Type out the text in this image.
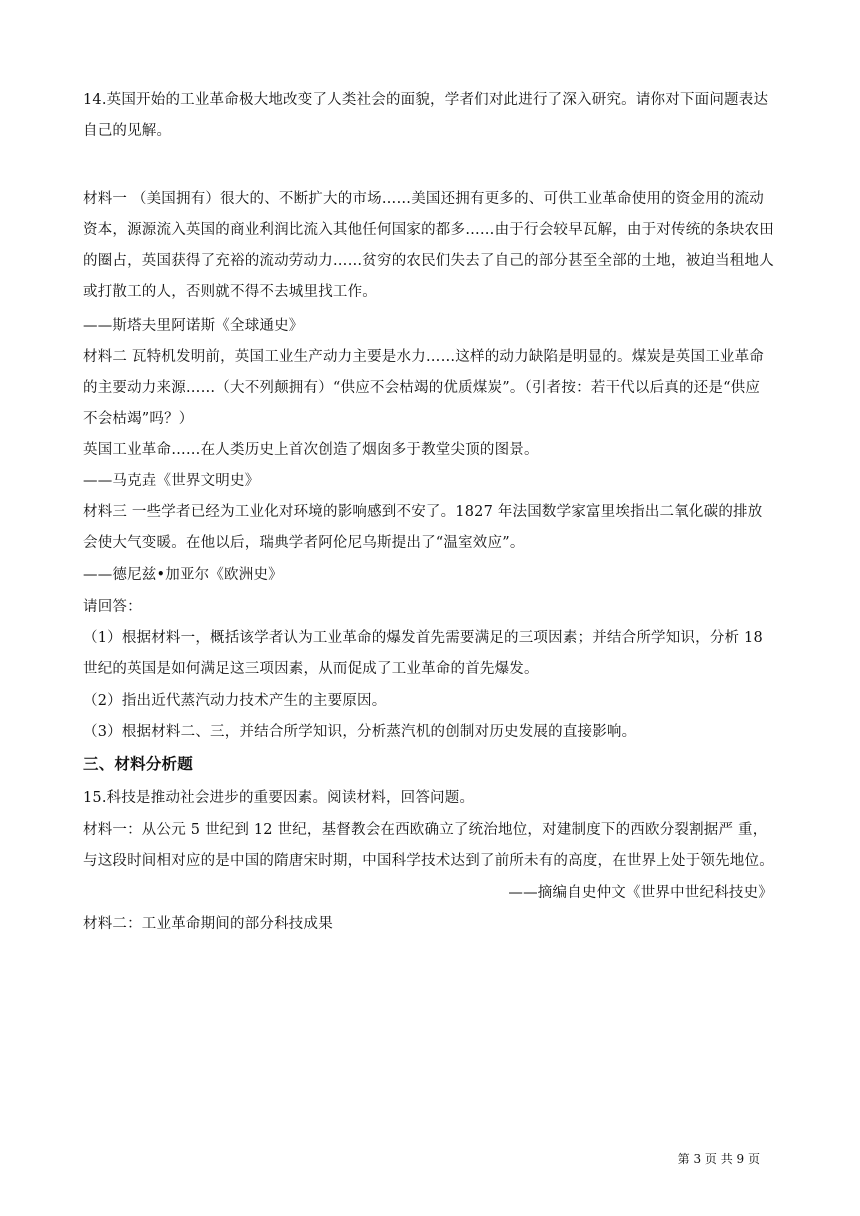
14.英国开始的工业革命极大地改变了人类社会的面貌，学者们对此进行了深入研究。请你对下面问题表达
自己的见解。
材料一 （美国拥有）很大的、不断扩大的市场……美国还拥有更多的、可供工业革命使用的资金用的流动
资本，源源流入英国的商业利润比流入其他任何国家的都多……由于行会较早瓦解，由于对传统的条块农田
的圈占，英国获得了充裕的流动劳动力……贫穷的农民们失去了自己的部分甚至全部的土地，被迫当租地人
或打散工的人，否则就不得不去城里找工作。
——斯塔夫里阿诺斯《全球通史》
材料二 瓦特机发明前，英国工业生产动力主要是水力……这样的动力缺陷是明显的。煤炭是英国工业革命
的主要动力来源……（大不列颠拥有）“供应不会枯竭的优质煤炭”。（引者按：若干代以后真的还是“供应
不会枯竭”吗？）
英国工业革命……在人类历史上首次创造了烟囱多于教堂尖顶的图景。
——马克垚《世界文明史》
材料三 一些学者已经为工业化对环境的影响感到不安了。1827 年法国数学家富里埃指出二氧化碳的排放
会使大气变暖。在他以后，瑞典学者阿伦尼乌斯提出了“温室效应”。
——德尼兹•加亚尔《欧洲史》
请回答：
（1）根据材料一，概括该学者认为工业革命的爆发首先需要满足的三项因素；并结合所学知识，分析 18
世纪的英国是如何满足这三项因素，从而促成了工业革命的首先爆发。
（2）指出近代蒸汽动力技术产生的主要原因。
（3）根据材料二、三，并结合所学知识，分析蒸汽机的创制对历史发展的直接影响。
三、材料分析题
15.科技是推动社会进步的重要因素。阅读材料，回答问题。
材料一：从公元 5 世纪到 12 世纪，基督教会在西欧确立了统治地位，对建制度下的西欧分裂割据严 重，
与这段时间相对应的是中国的隋唐宋时期，中国科学技术达到了前所未有的高度，在世界上处于领先地位。
——摘编自史仲文《世界中世纪科技史》
材料二：工业革命期间的部分科技成果
第 3 页 共 9 页
